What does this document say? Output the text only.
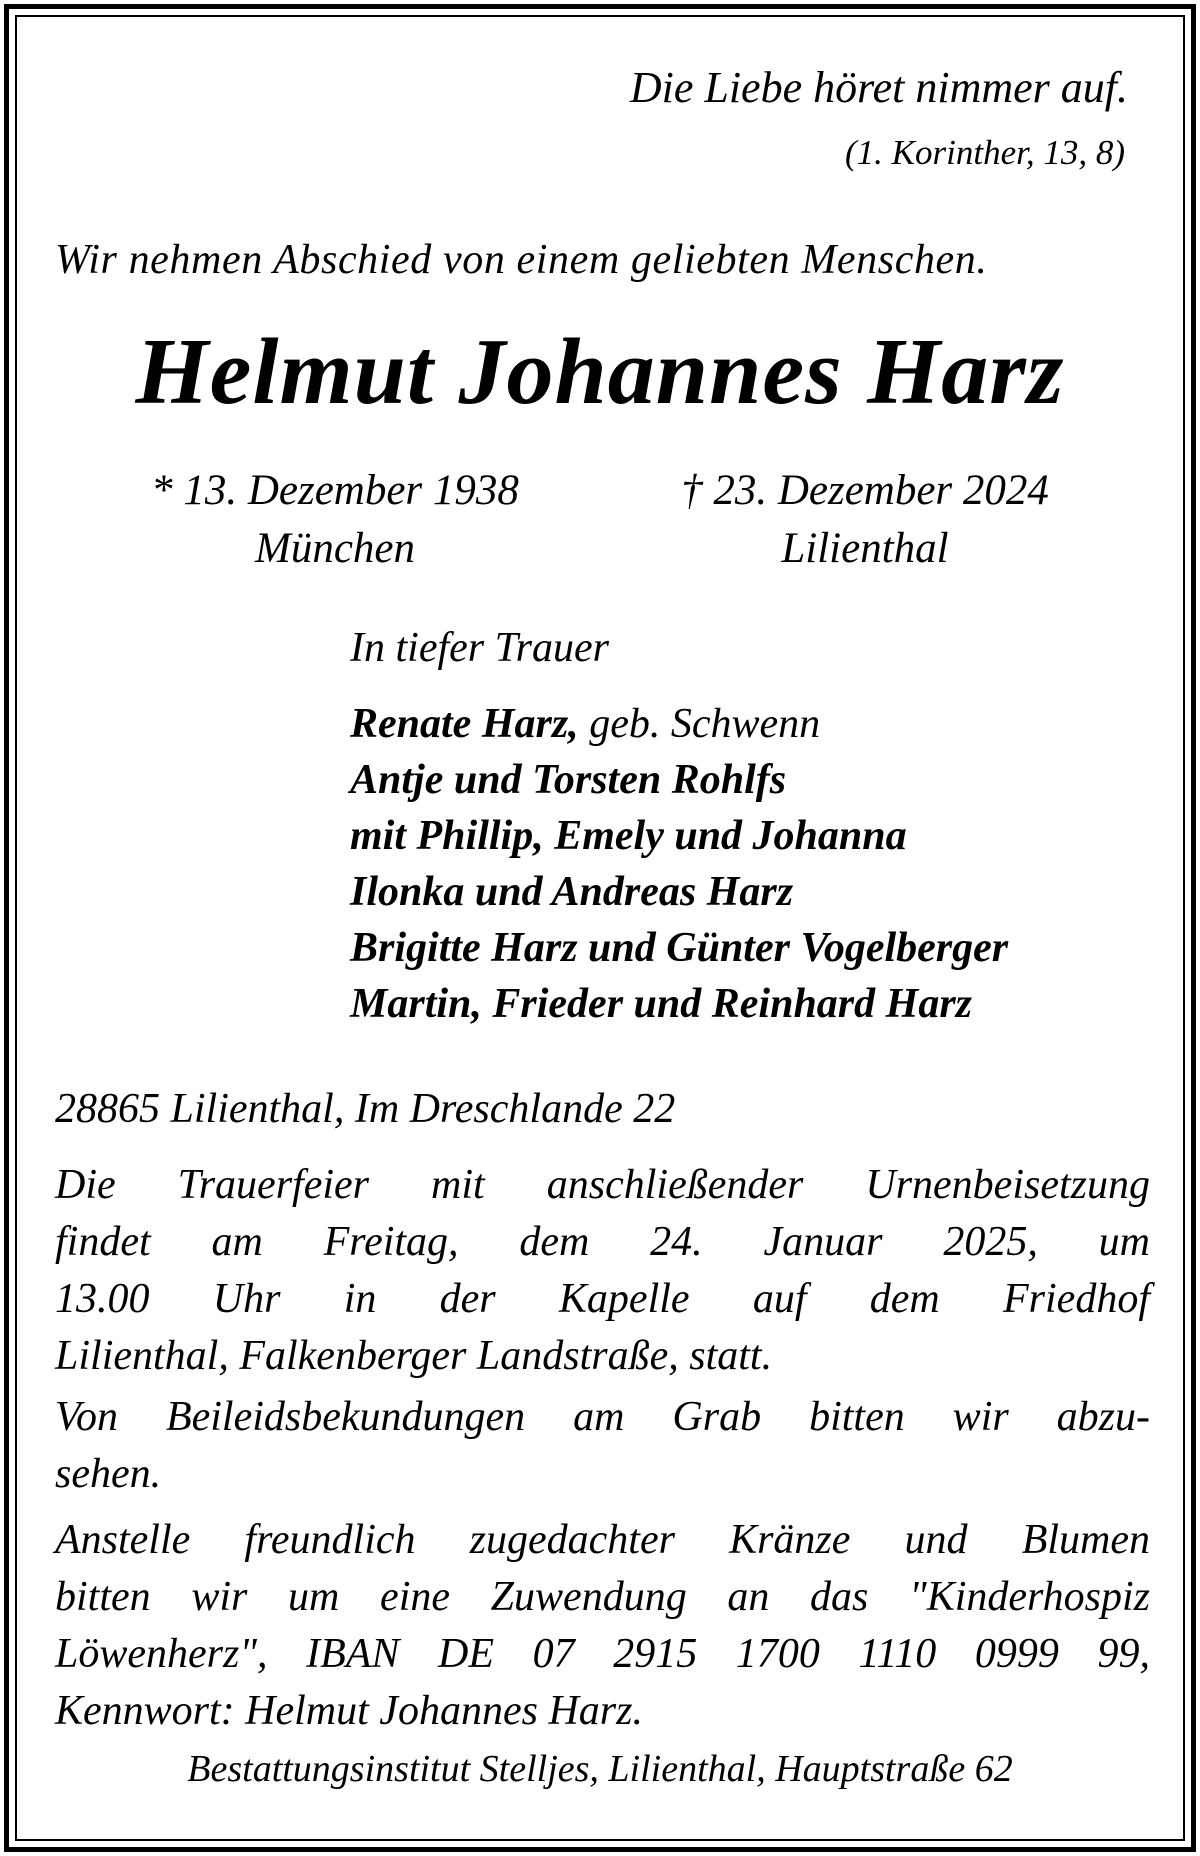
Die Liebe höret nimmer auf.
(1. Korinther, 13, 8)
Wir nehmen Abschied von einem geliebten Menschen.
Helmut Johannes Harz
* 13. Dezember 1938
München
† 23. Dezember 2024
Lilienthal
In tiefer Trauer
Renate Harz, geb. Schwenn
Antje und Torsten Rohlfs
mit Phillip, Emely und Johanna
Ilonka und Andreas Harz
Brigitte Harz und Günter Vogelberger
Martin, Frieder und Reinhard Harz
28865 Lilienthal, Im Dreschlande 22
Die Trauerfeier mit anschließender Urnenbeisetzung
findet am Freitag, dem 24. Januar 2025, um
13.00 Uhr in der Kapelle auf dem Friedhof
Lilienthal, Falkenberger Landstraße, statt.
Von Beileidsbekundungen am Grab bitten wir abzu-
sehen.
Anstelle freundlich zugedachter Kränze und Blumen
bitten wir um eine Zuwendung an das "Kinderhospiz
Löwenherz", IBAN DE 07 2915 1700 1110 0999 99,
Kennwort: Helmut Johannes Harz.
Bestattungsinstitut Stelljes, Lilienthal, Hauptstraße 62
